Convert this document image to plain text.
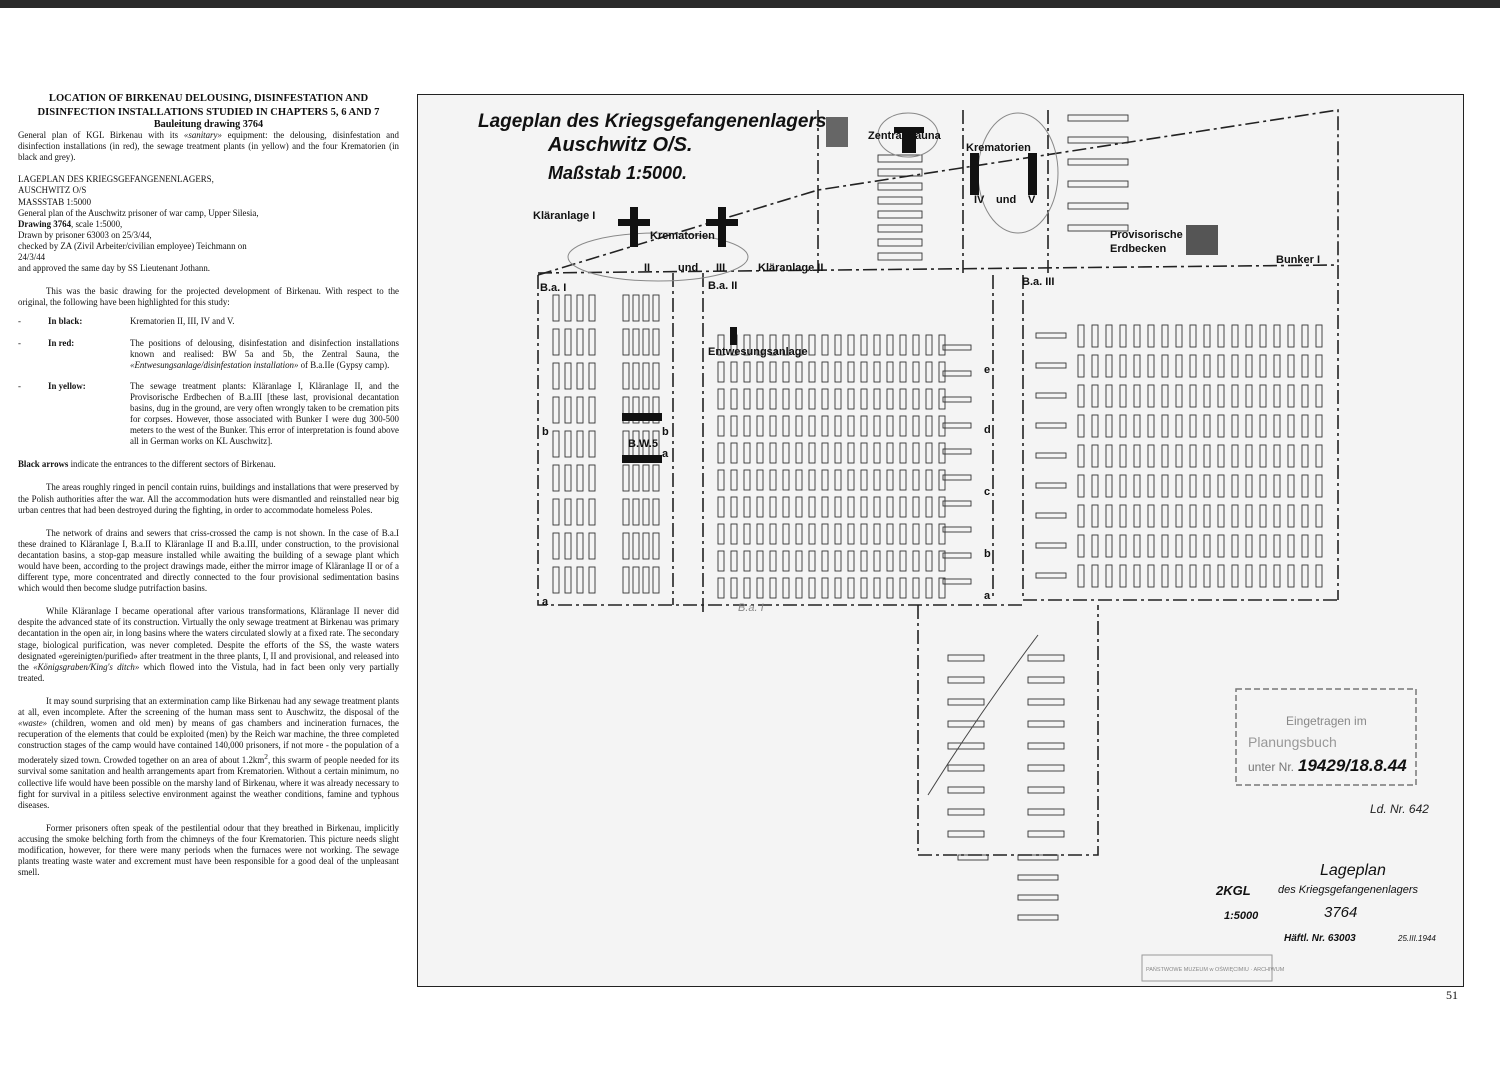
LOCATION OF BIRKENAU DELOUSING, DISINFESTATION AND
DISINFECTION INSTALLATIONS STUDIED IN CHAPTERS 5, 6 AND 7

Bauleitung drawing 3764

General plan of KGL Birkenau with its «sanitary» equipment: the delousing, disinfestation and disinfection installations (in red), the sewage treatment plants (in yellow) and the four Krematorien (in black and grey).

LAGEPLAN DES KRIEGSGEFANGENENLAGERS,

AUSCHWITZ O/S

MASSSTAB 1:5000

General plan of the Auschwitz prisoner of war camp, Upper Silesia,

Drawing 3764, scale 1:5000,

Drawn by prisoner 63003 on 25/3/44,

checked by ZA (Zivil Arbeiter/civilian employee) Teichmann on

24/3/44

and approved the same day by SS Lieutenant Jothann.

This was the basic drawing for the projected development of Birkenau. With respect to the original, the following have been highlighted for this study:

-	In black:	Krematorien II, III, IV and V.
-	In red:	The positions of delousing, disinfestation and disinfection installations known and realised: BW 5a and 5b, the Zentral Sauna, the «Entwesungsanlage/disinfestation installation» of B.a.IIe (Gypsy camp).
-	In yellow:	The sewage treatment plants: Kläranlage I, Kläranlage II, and the Provisorische Erdbechen of B.a.III [these last, provisional decantation basins, dug in the ground, are very often wrongly taken to be cremation pits for corpses. However, those associated with Bunker I were dug 300-500 meters to the west of the Bunker. This error of interpretation is found above all in German works on KL Auschwitz].

Black arrows indicate the entrances to the different sectors of Birkenau.

The areas roughly ringed in pencil contain ruins, buildings and installations that were preserved by the Polish authorities after the war. All the accommodation huts were dismantled and reinstalled near big urban centres that had been destroyed during the fighting, in order to accommodate homeless Poles.

The network of drains and sewers that criss-crossed the camp is not shown. In the case of B.a.I these drained to Kläranlage I, B.a.II to Kläranlage II and B.a.III, under construction, to the provisional decantation basins, a stop-gap measure installed while awaiting the building of a sewage plant which would have been, according to the project drawings made, either the mirror image of Kläranlage II or of a different type, more concentrated and directly connected to the four provisional sedimentation basins which would then become sludge putrifaction basins.

While Kläranlage I became operational after various transformations, Kläranlage II never did despite the advanced state of its construction. Virtually the only sewage treatment at Birkenau was primary decantation in the open air, in long basins where the waters circulated slowly at a fixed rate. The secondary stage, biological purification, was never completed. Despite the efforts of the SS, the waste waters designated «gereinigten/purified» after treatment in the three plants, I, II and provisional, and released into the «Königsgraben/King's ditch» which flowed into the Vistula, had in fact been only very partially treated.

It may sound surprising that an extermination camp like Birkenau had any sewage treatment plants at all, even incomplete. After the screening of the human mass sent to Auschwitz, the disposal of the «waste» (children, women and old men) by means of gas chambers and incineration furnaces, the recuperation of the elements that could be exploited (men) by the Reich war machine, the three completed construction stages of the camp would have contained 140,000 prisoners, if not more - the population of a moderately sized town. Crowded together on an area of about $1.2km^2$, this swarm of people needed for its survival some sanitation and health arrangements apart from Krematorien. Without a certain minimum, no collective life would have been possible on the marshy land of Birkenau, where it was already necessary to fight for survival in a pitiless selective environment against the weather conditions, famine and typhous diseases.

Former prisoners often speak of the pestilential odour that they breathed in Birkenau, implicitly accusing the smoke belching forth from the chimneys of the four Krematorien. This picture needs slight modification, however, for there were many periods when the furnaces were not working. The sewage plants treating waste water and excrement must have been responsible for a good deal of the unpleasant smell.

Lageplan des Kriegsgefangenenlagers
Auschwitz O/S.
Maßstab 1:5000.
Zentral Sauna
Krematorien
IV und V
Kläranlage I
Krematorien
II	und III	Kläranlage II
Provisorische
Erdbecken
Bunker I
B.a. I	B.a. II	B.a. III
Entwesungsanlage
B.W.5
b	b
a
a
e
d
c
b
a
B.a. I
Eingetragen im
Planungsbuch
unter Nr. 19429/18.8.44
Ld. Nr. 642
Lageplan
2KGL des Kriegsgefangenenlagers
1:5000	3764
Häftl. Nr. 63003	25.III.1944
PAŃSTWOWE MUZEUM w OŚWIĘCIMIU · ARCHIWUM
51
